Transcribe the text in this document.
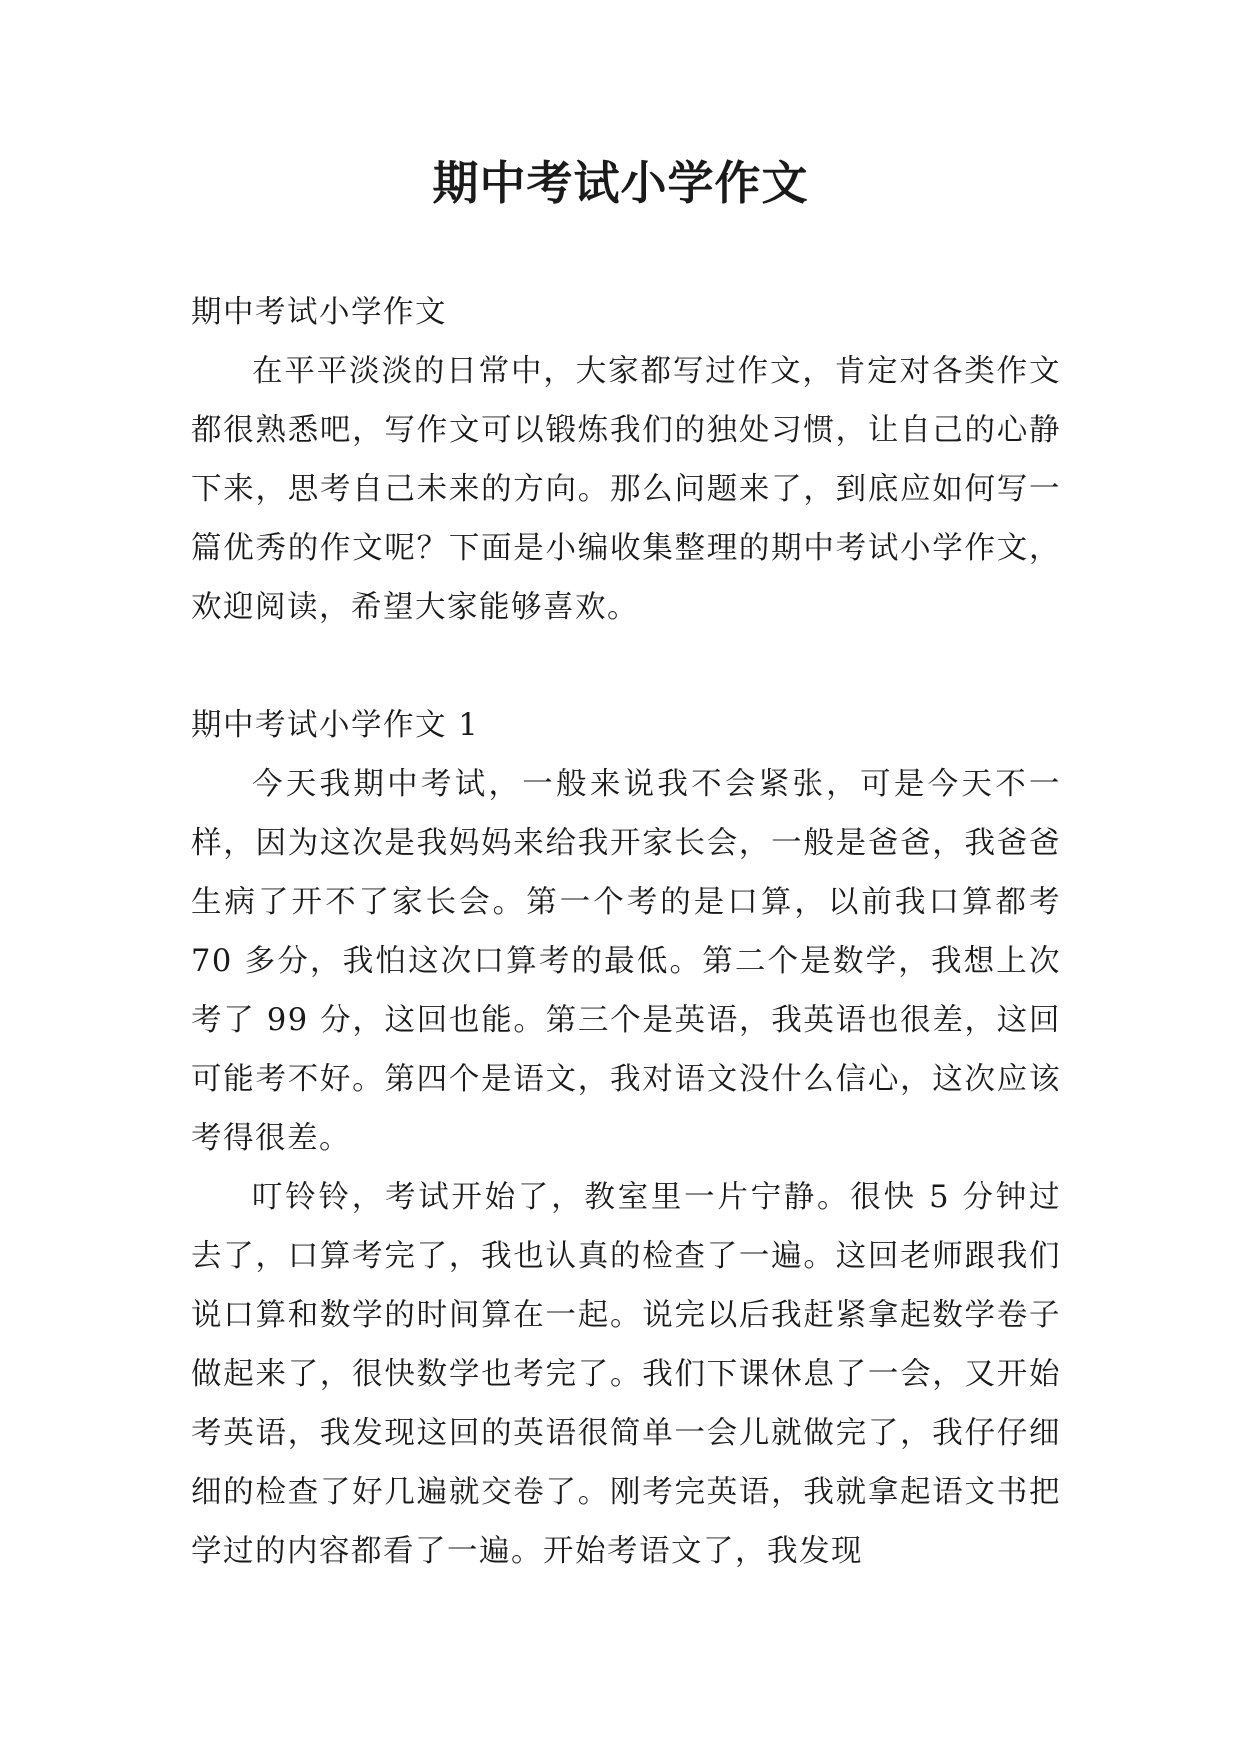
期中考试小学作文

期中考试小学作文

在平平淡淡的日常中，大家都写过作文，肯定对各类作文都很熟悉吧，写作文可以锻炼我们的独处习惯，让自己的心静下来，思考自己未来的方向。那么问题来了，到底应如何写一篇优秀的作文呢？下面是小编收集整理的期中考试小学作文，欢迎阅读，希望大家能够喜欢。

期中考试小学作文 1

今天我期中考试，一般来说我不会紧张，可是今天不一样，因为这次是我妈妈来给我开家长会，一般是爸爸，我爸爸生病了开不了家长会。第一个考的是口算，以前我口算都考 70 多分，我怕这次口算考的最低。第二个是数学，我想上次考了 99 分，这回也能。第三个是英语，我英语也很差，这回可能考不好。第四个是语文，我对语文没什么信心，这次应该考得很差。

叮铃铃，考试开始了，教室里一片宁静。很快 5 分钟过去了，口算考完了，我也认真的检查了一遍。这回老师跟我们说口算和数学的时间算在一起。说完以后我赶紧拿起数学卷子做起来了，很快数学也考完了。我们下课休息了一会，又开始考英语，我发现这回的英语很简单一会儿就做完了，我仔仔细细的检查了好几遍就交卷了。刚考完英语，我就拿起语文书把学过的内容都看了一遍。开始考语文了，我发现
